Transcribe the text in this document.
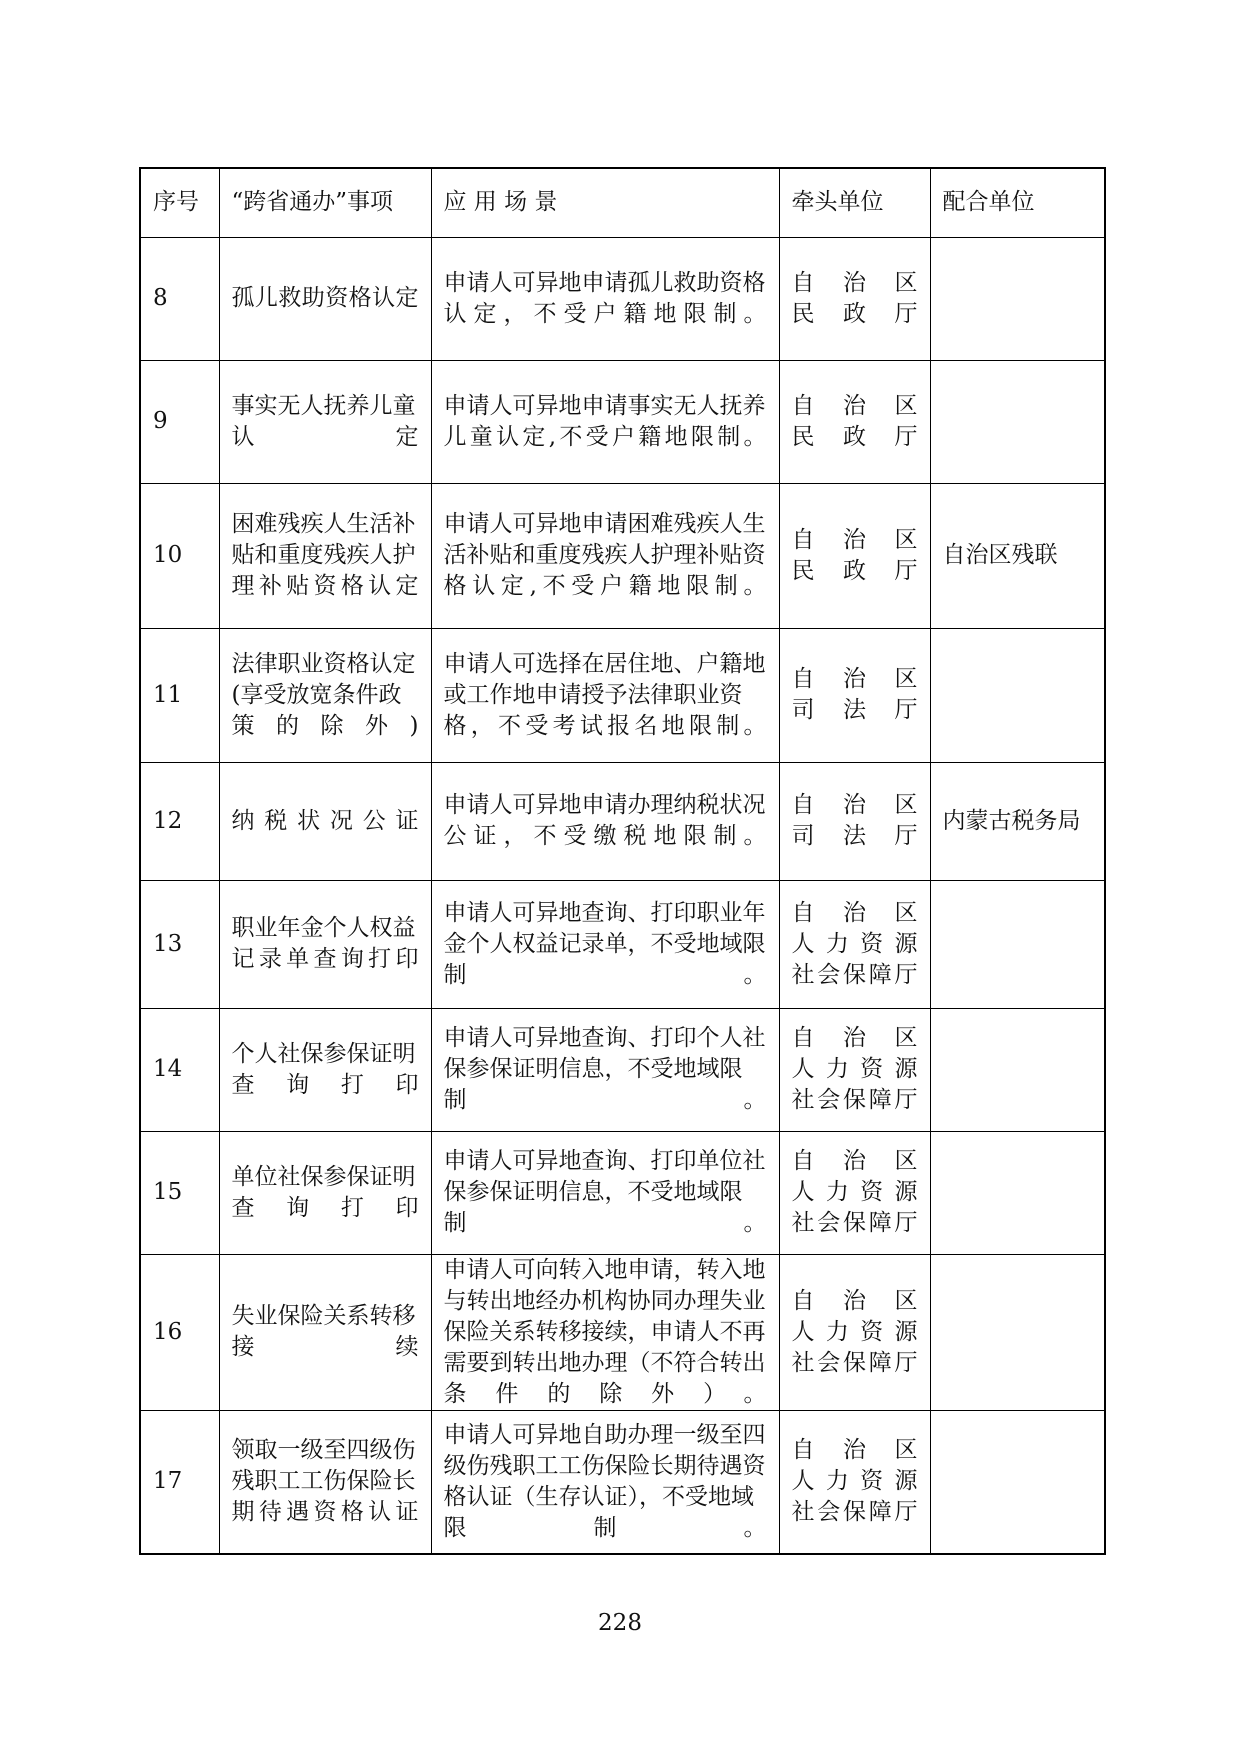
序号	“跨省通办”事项	应 用 场 景	牵头单位	配合单位
8	孤儿救助资格认定	申请人可异地申请孤儿救助资格认定，不受户籍地限制。	自　治　区
民　政　厅	

9	事实无人抚养儿童认定	申请人可异地申请事实无人抚养儿童认定,不受户籍地限制。	自　治　区
民　政　厅	

10	困难残疾人生活补贴和重度残疾人护理补贴资格认定	申请人可异地申请困难残疾人生活补贴和重度残疾人护理补贴资格认定,不受户籍地限制。	自　治　区
民　政　厅	自治区残联
11	法律职业资格认定(享受放宽条件政策的除外)	申请人可选择在居住地、户籍地或工作地申请授予法律职业资格，不受考试报名地限制。	自　治　区
司　法　厅	

12	纳税状况公证	申请人可异地申请办理纳税状况公证，不受缴税地限制。	自　治　区
司　法　厅	内蒙古税务局
13	职业年金个人权益记录单查询打印	申请人可异地查询、打印职业年金个人权益记录单，不受地域限制。	自　治　区
人 力 资 源
社会保障厅	

14	个人社保参保证明查询打印	申请人可异地查询、打印个人社保参保证明信息，不受地域限制。	自　治　区
人 力 资 源
社会保障厅	

15	单位社保参保证明查询打印	申请人可异地查询、打印单位社保参保证明信息，不受地域限制。	自　治　区
人 力 资 源
社会保障厅	

16	失业保险关系转移接续	申请人可向转入地申请，转入地与转出地经办机构协同办理失业保险关系转移接续，申请人不再需要到转出地办理（不符合转出条件的除外）。	自　治　区
人 力 资 源
社会保障厅	

17	领取一级至四级伤残职工工伤保险长期待遇资格认证	申请人可异地自助办理一级至四级伤残职工工伤保险长期待遇资格认证（生存认证），不受地域限制。	自　治　区
人 力 资 源
社会保障厅	

228
